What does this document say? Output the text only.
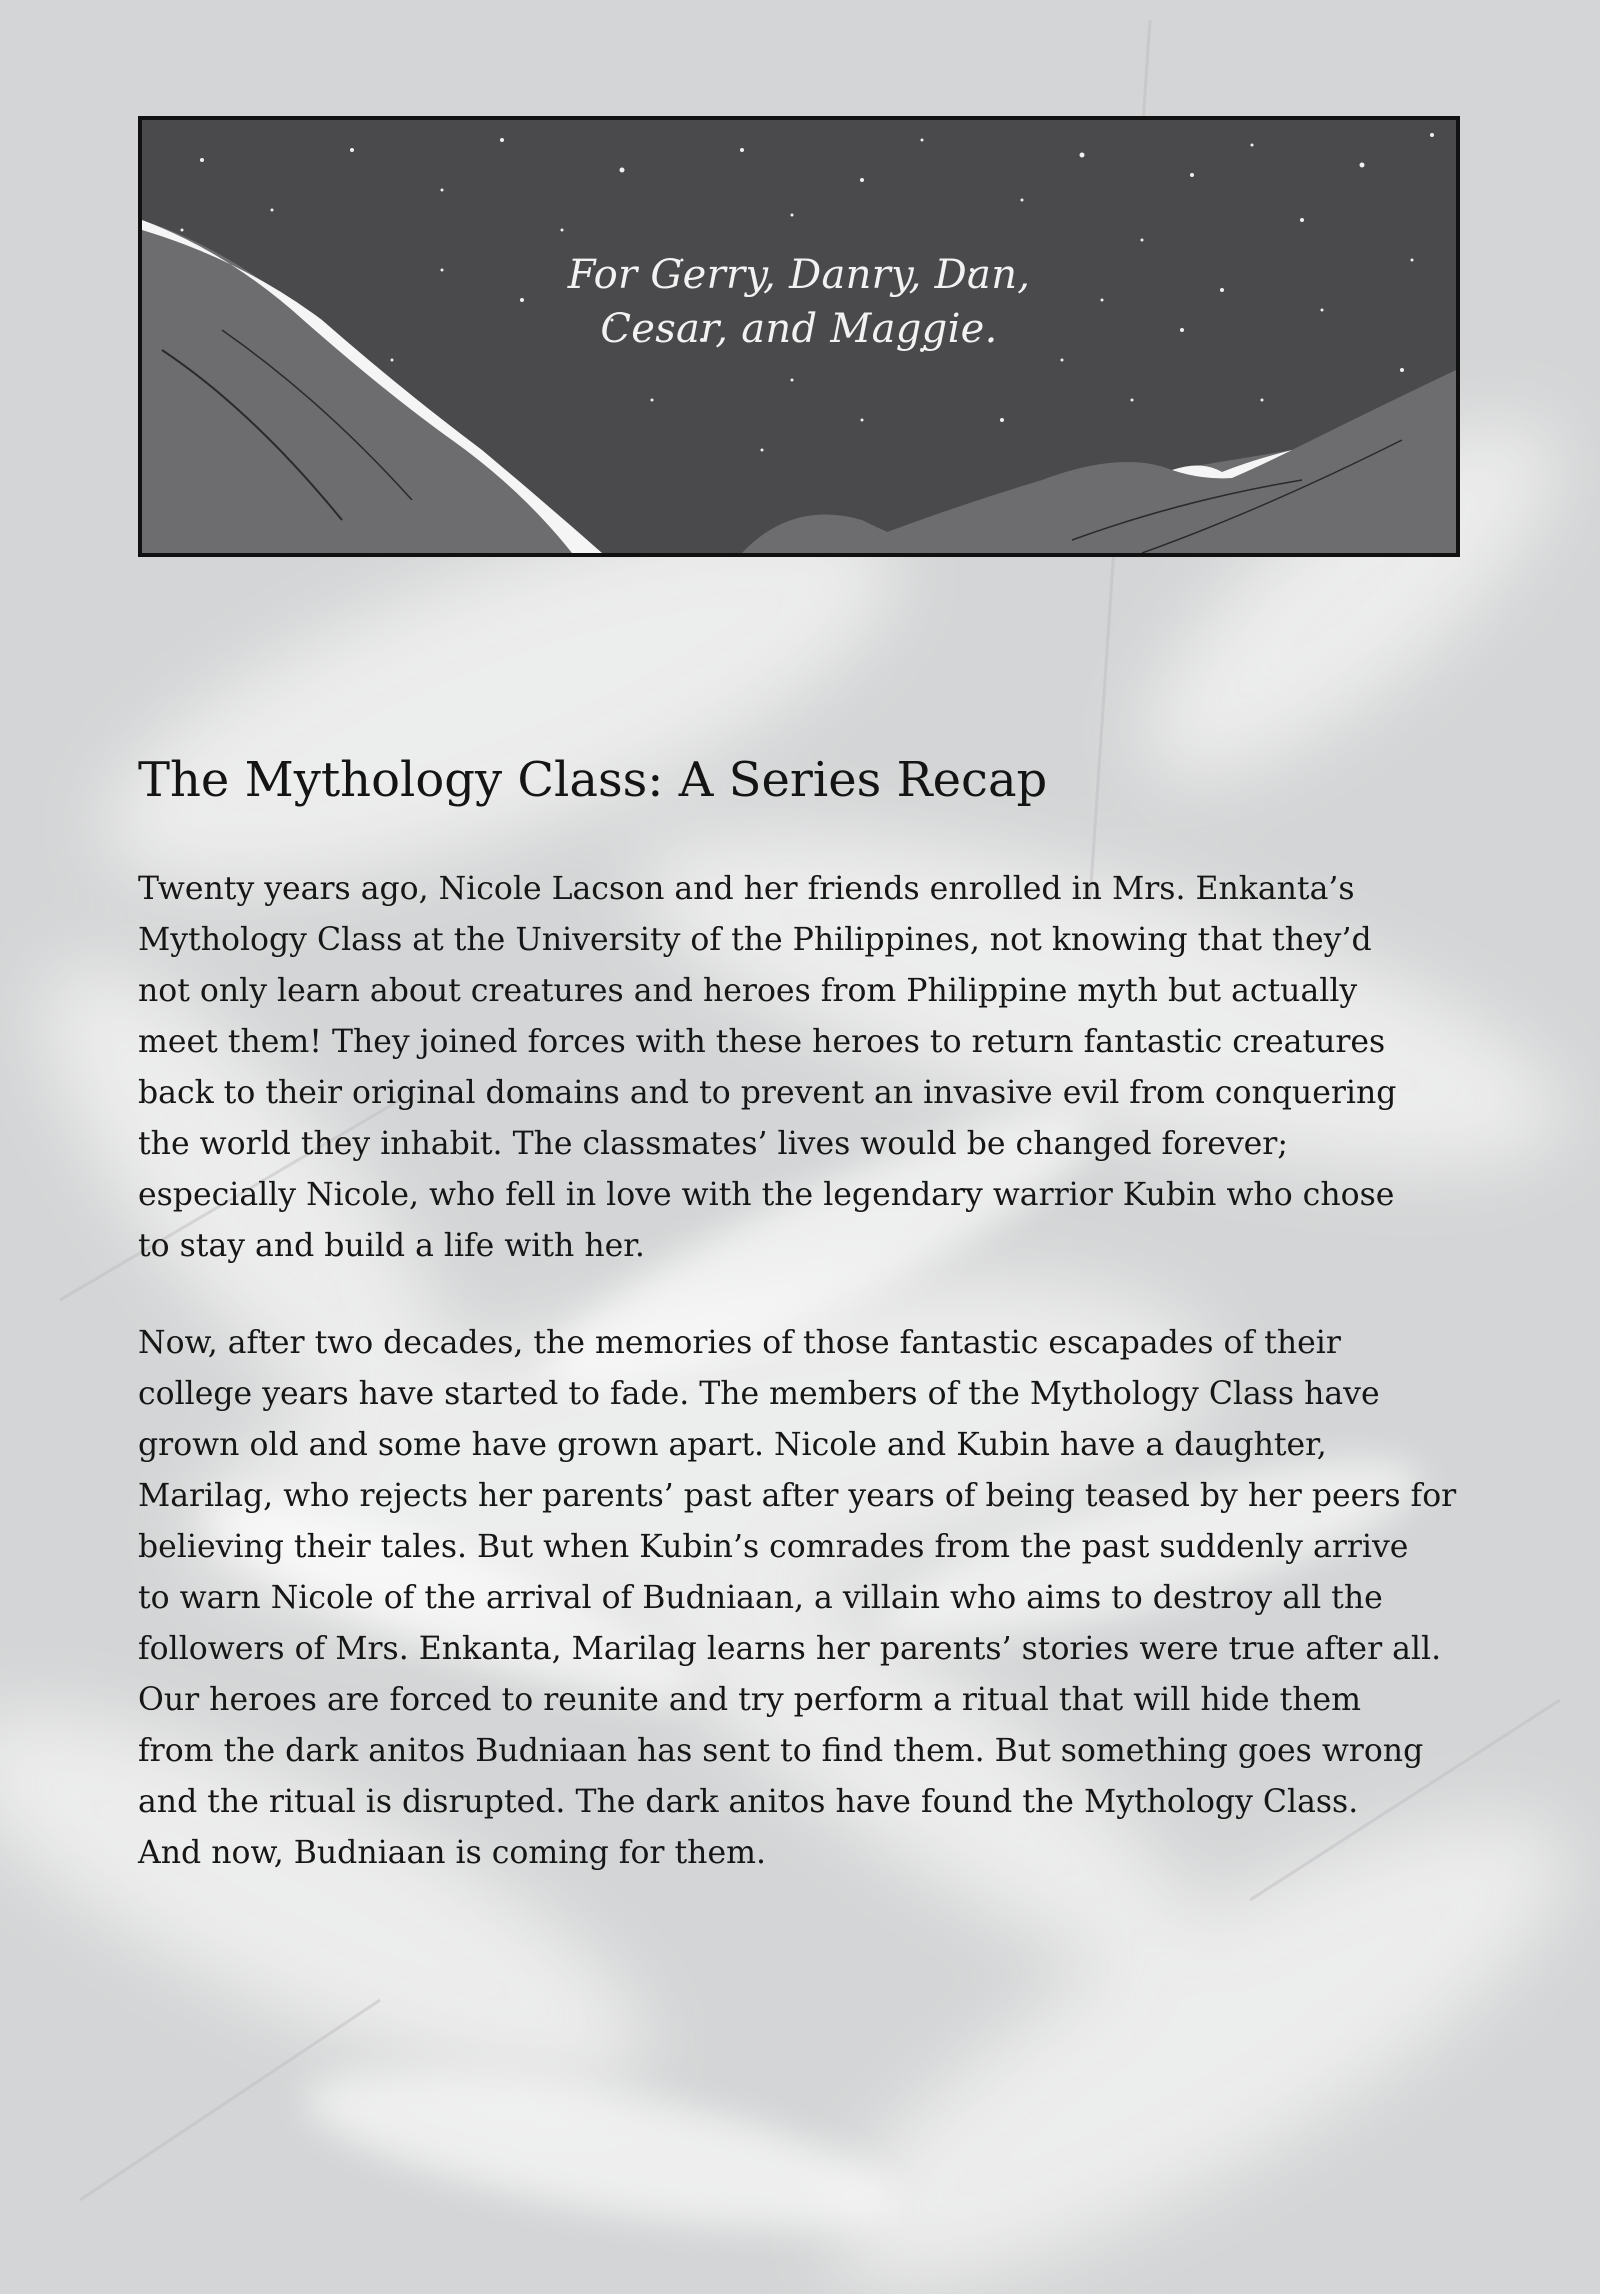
For Gerry, Danry, Dan,
Cesar, and Maggie.
The Mythology Class: A Series Recap
Twenty years ago, Nicole Lacson and her friends enrolled in Mrs. Enkanta’s
Mythology Class at the University of the Philippines, not knowing that they’d
not only learn about creatures and heroes from Philippine myth but actually
meet them! They joined forces with these heroes to return fantastic creatures
back to their original domains and to prevent an invasive evil from conquering
the world they inhabit. The classmates’ lives would be changed forever;
especially Nicole, who fell in love with the legendary warrior Kubin who chose
to stay and build a life with her.
Now, after two decades, the memories of those fantastic escapades of their
college years have started to fade. The members of the Mythology Class have
grown old and some have grown apart. Nicole and Kubin have a daughter,
Marilag, who rejects her parents’ past after years of being teased by her peers for
believing their tales. But when Kubin’s comrades from the past suddenly arrive
to warn Nicole of the arrival of Budniaan, a villain who aims to destroy all the
followers of Mrs. Enkanta, Marilag learns her parents’ stories were true after all.
Our heroes are forced to reunite and try perform a ritual that will hide them
from the dark anitos Budniaan has sent to find them. But something goes wrong
and the ritual is disrupted. The dark anitos have found the Mythology Class.
And now, Budniaan is coming for them.
